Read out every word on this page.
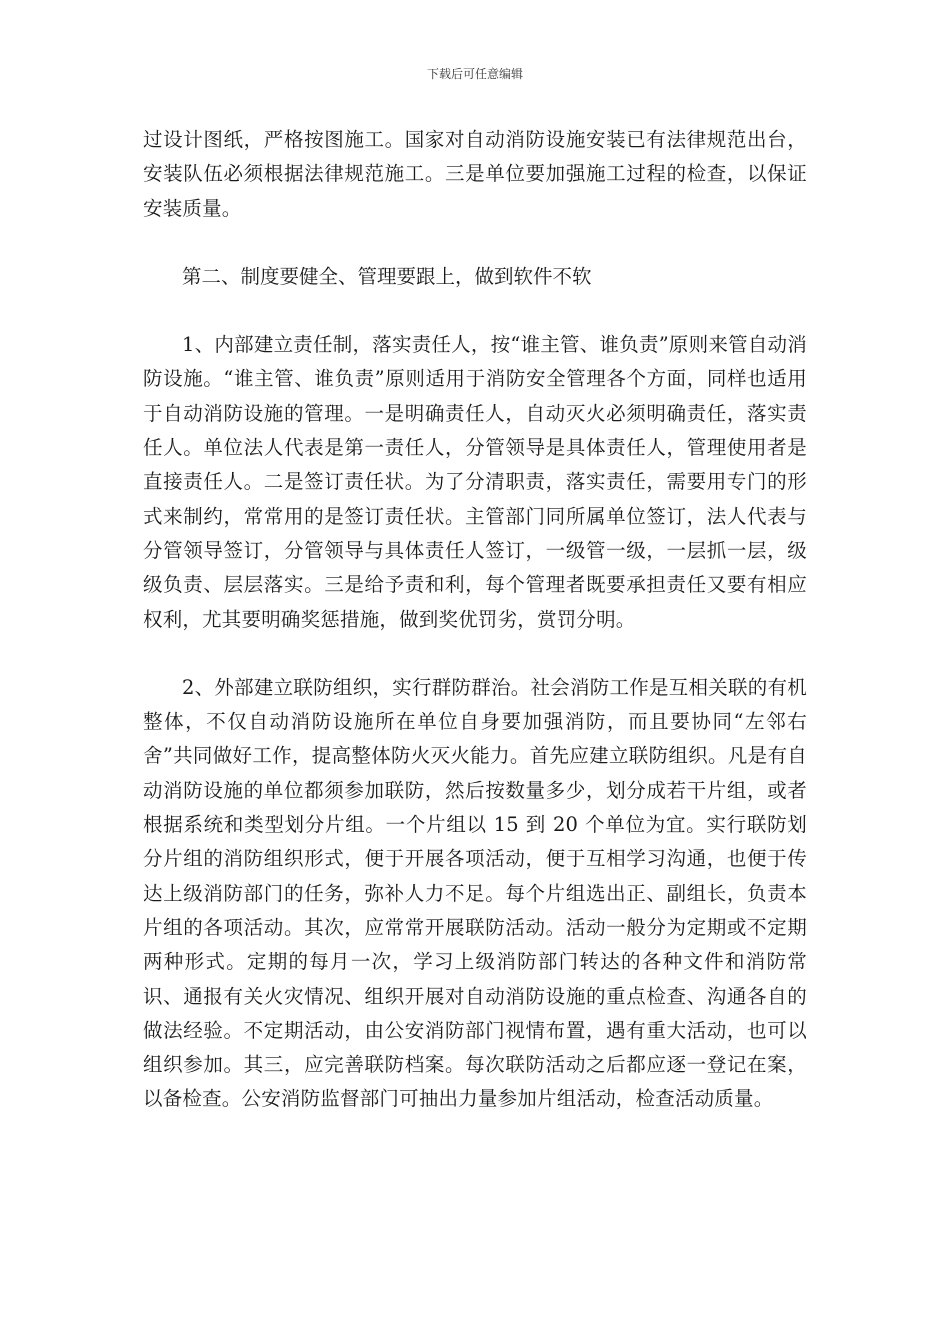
下载后可任意编辑

过设计图纸，严格按图施工。国家对自动消防设施安装已有法律规范出台，安装队伍必须根据法律规范施工。三是单位要加强施工过程的检查，以保证安装质量。

第二、制度要健全、管理要跟上，做到软件不软

1、内部建立责任制，落实责任人，按“谁主管、谁负责”原则来管自动消防设施。“谁主管、谁负责”原则适用于消防安全管理各个方面，同样也适用于自动消防设施的管理。一是明确责任人，自动灭火必须明确责任，落实责任人。单位法人代表是第一责任人，分管领导是具体责任人，管理使用者是直接责任人。二是签订责任状。为了分清职责，落实责任，需要用专门的形式来制约，常常用的是签订责任状。主管部门同所属单位签订，法人代表与分管领导签订，分管领导与具体责任人签订，一级管一级，一层抓一层，级级负责、层层落实。三是给予责和利，每个管理者既要承担责任又要有相应权利，尤其要明确奖惩措施，做到奖优罚劣，赏罚分明。

2、外部建立联防组织，实行群防群治。社会消防工作是互相关联的有机整体，不仅自动消防设施所在单位自身要加强消防，而且要协同“左邻右舍”共同做好工作，提高整体防火灭火能力。首先应建立联防组织。凡是有自动消防设施的单位都须参加联防，然后按数量多少，划分成若干片组，或者根据系统和类型划分片组。一个片组以 15 到 20 个单位为宜。实行联防划分片组的消防组织形式，便于开展各项活动，便于互相学习沟通，也便于传达上级消防部门的任务，弥补人力不足。每个片组选出正、副组长，负责本片组的各项活动。其次，应常常开展联防活动。活动一般分为定期或不定期两种形式。定期的每月一次，学习上级消防部门转达的各种文件和消防常识、通报有关火灾情况、组织开展对自动消防设施的重点检查、沟通各自的做法经验。不定期活动，由公安消防部门视情布置，遇有重大活动，也可以组织参加。其三，应完善联防档案。每次联防活动之后都应逐一登记在案，以备检查。公安消防监督部门可抽出力量参加片组活动，检查活动质量。
